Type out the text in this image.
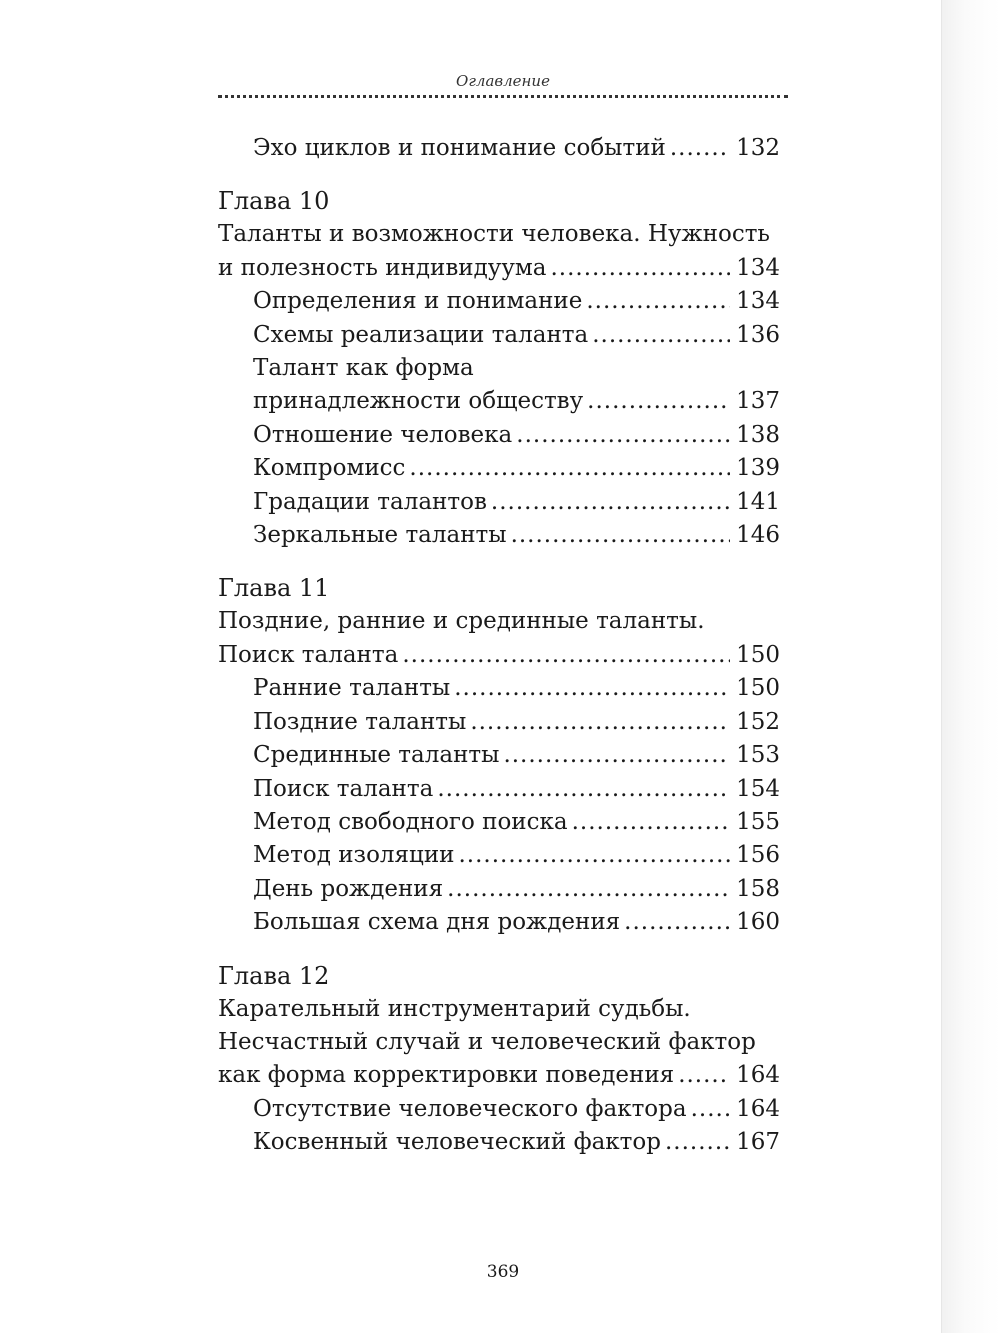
Оглавление
Эхо циклов и понимание событий .....	132
Глава 10
Таланты и возможности человека. Нужность
и полезность индивидуума .....	134
Определения и понимание .....	134
Схемы реализации таланта .....	136
Талант как форма
принадлежности обществу .....	137
Отношение человека .....	138
Компромисс .....	139
Градации талантов .....	141
Зеркальные таланты .....	146
Глава 11
Поздние, ранние и срединные таланты.
Поиск таланта .....	150
Ранние таланты .....	150
Поздние таланты .....	152
Срединные таланты .....	153
Поиск таланта .....	154
Метод свободного поиска .....	155
Метод изоляции .....	156
День рождения .....	158
Большая схема дня рождения .....	160
Глава 12
Карательный инструментарий судьбы.
Несчастный случай и человеческий фактор
как форма корректировки поведения .....	164
Отсутствие человеческого фактора ..... 164
Косвенный человеческий фактор .....	167
369
